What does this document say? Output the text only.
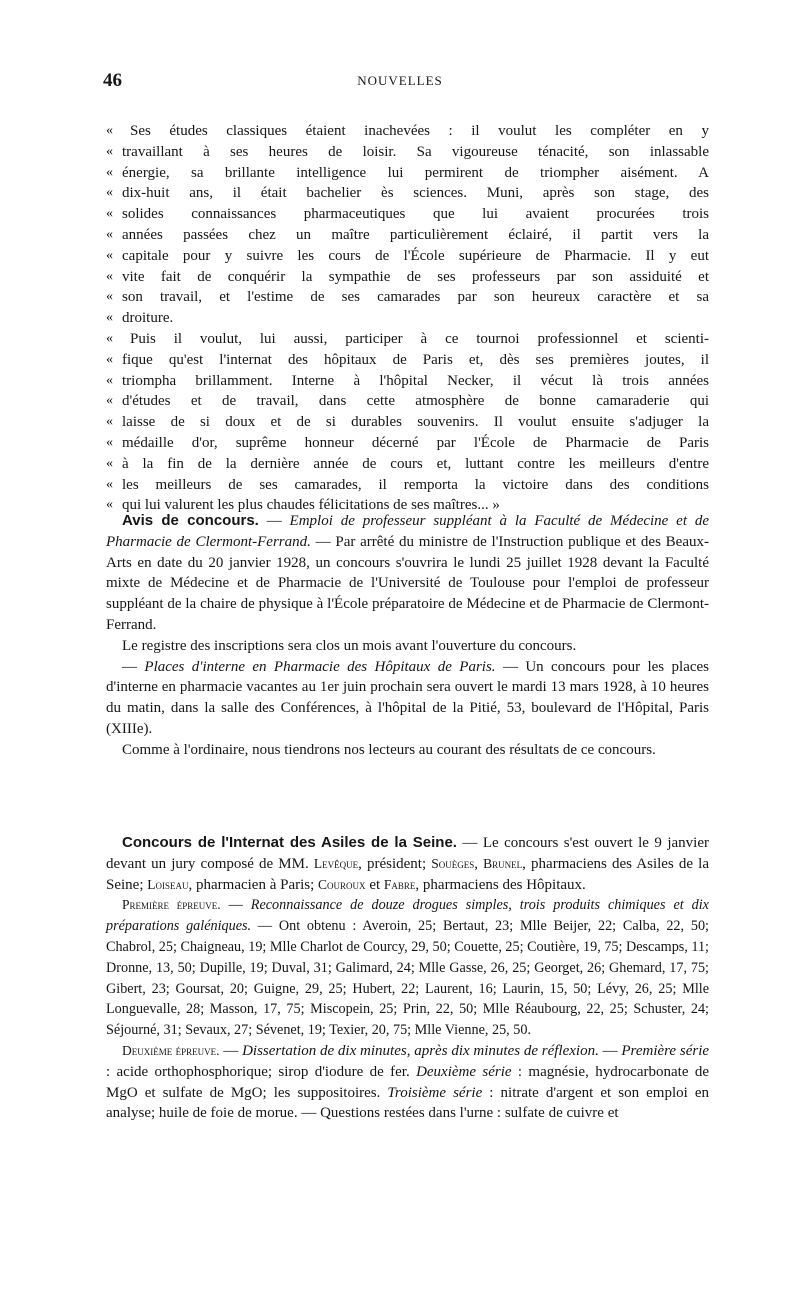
46	NOUVELLES
«	Ses études classiques étaient inachevées : il voulut les compléter en y
« travaillant à ses heures de loisir. Sa vigoureuse ténacité, son inlassable
« énergie, sa brillante intelligence lui permirent de triompher aisément. A
« dix-huit ans, il était bachelier ès sciences. Muni, après son stage, des
« solides connaissances pharmaceutiques que lui avaient procurées trois
« années passées chez un maître particulièrement éclairé, il partit vers la
« capitale pour y suivre les cours de l'École supérieure de Pharmacie. Il y eut
« vite fait de conquérir la sympathie de ses professeurs par son assiduité et
« son travail, et l'estime de ses camarades par son heureux caractère et sa
« droiture.
«	Puis il voulut, lui aussi, participer à ce tournoi professionnel et scienti-
« fique qu'est l'internat des hôpitaux de Paris et, dès ses premières joutes, il
« triompha brillamment. Interne à l'hôpital Necker, il vécut là trois années
« d'études et de travail, dans cette atmosphère de bonne camaraderie qui
« laisse de si doux et de si durables souvenirs. Il voulut ensuite s'adjuger la
« médaille d'or, suprême honneur décerné par l'École de Pharmacie de Paris
« à la fin de la dernière année de cours et, luttant contre les meilleurs d'entre
« les meilleurs de ses camarades, il remporta la victoire dans des conditions
« qui lui valurent les plus chaudes félicitations de ses maîtres... »

Avis de concours. — Emploi de professeur suppléant à la Faculté de Médecine et de Pharmacie de Clermont-Ferrand. — Par arrêté du ministre de l'Instruction publique et des Beaux-Arts en date du 20 janvier 1928, un concours s'ouvrira le lundi 25 juillet 1928 devant la Faculté mixte de Médecine et de Pharmacie de l'Université de Toulouse pour l'emploi de professeur suppléant de la chaire de physique à l'École préparatoire de Médecine et de Pharmacie de Clermont-Ferrand.

Le registre des inscriptions sera clos un mois avant l'ouverture du concours.

— Places d'interne en Pharmacie des Hôpitaux de Paris. — Un concours pour les places d'interne en pharmacie vacantes au 1er juin prochain sera ouvert le mardi 13 mars 1928, à 10 heures du matin, dans la salle des Conférences, à l'hôpital de la Pitié, 53, boulevard de l'Hôpital, Paris (XIIIe).

Comme à l'ordinaire, nous tiendrons nos lecteurs au courant des résultats de ce concours.

Concours de l'Internat des Asiles de la Seine. — Le concours s'est ouvert le 9 janvier devant un jury composé de MM. Levêque, président; Souèges, Brunel, pharmaciens des Asiles de la Seine; Loiseau, pharmacien à Paris; Couroux et Fabre, pharmaciens des Hôpitaux.

Première épreuve. — Reconnaissance de douze drogues simples, trois produits chimiques et dix préparations galéniques. — Ont obtenu : Averoin, 25; Bertaut, 23; Mlle Beijer, 22; Calba, 22, 50; Chabrol, 25; Chaigneau, 19; Mlle Charlot de Courcy, 29, 50; Couette, 25; Coutière, 19, 75; Descamps, 11; Dronne, 13, 50; Dupille, 19; Duval, 31; Galimard, 24; Mlle Gasse, 26, 25; Georget, 26; Ghemard, 17, 75; Gibert, 23; Goursat, 20; Guigne, 29, 25; Hubert, 22; Laurent, 16; Laurin, 15, 50; Lévy, 26, 25; Mlle Longuevalle, 28; Masson, 17, 75; Miscopein, 25; Prin, 22, 50; Mlle Réaubourg, 22, 25; Schuster, 24; Séjourné, 31; Sevaux, 27; Sévenet, 19; Texier, 20, 75; Mlle Vienne, 25, 50.

Deuxième épreuve. — Dissertation de dix minutes, après dix minutes de réflexion. — Première série : acide orthophosphorique; sirop d'iodure de fer. Deuxième série : magnésie, hydrocarbonate de MgO et sulfate de MgO; les suppositoires. Troisième série : nitrate d'argent et son emploi en analyse; huile de foie de morue. — Questions restées dans l'urne : sulfate de cuivre et
